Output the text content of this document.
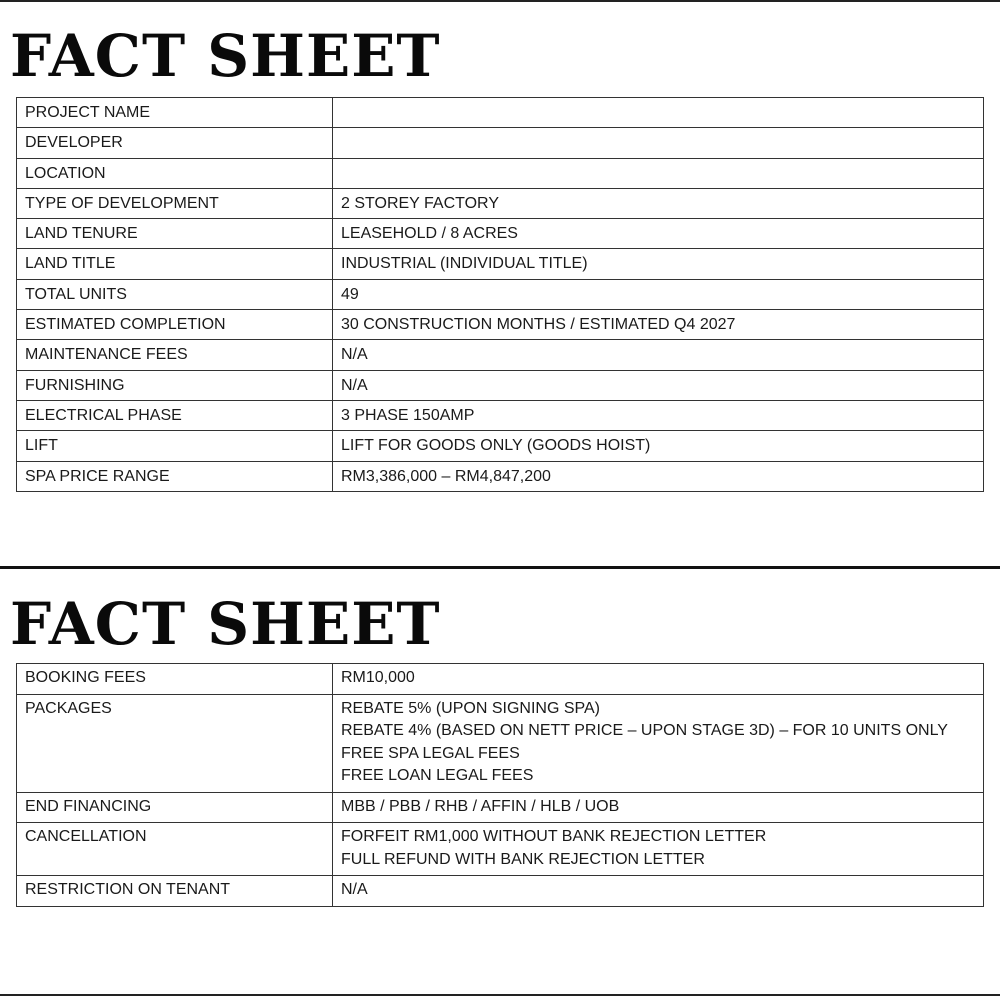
FACT SHEET
PROJECT NAME	
DEVELOPER	
LOCATION	
TYPE OF DEVELOPMENT	2 STOREY FACTORY
LAND TENURE	LEASEHOLD / 8 ACRES
LAND TITLE	INDUSTRIAL (INDIVIDUAL TITLE)
TOTAL UNITS	49
ESTIMATED COMPLETION	30 CONSTRUCTION MONTHS / ESTIMATED Q4 2027
MAINTENANCE FEES	N/A
FURNISHING	N/A
ELECTRICAL PHASE	3 PHASE 150AMP
LIFT	LIFT FOR GOODS ONLY (GOODS HOIST)
SPA PRICE RANGE	RM3,386,000 – RM4,847,200
FACT SHEET
BOOKING FEES	RM10,000

PACKAGES	REBATE 5% (UPON SIGNING SPA)
REBATE 4% (BASED ON NETT PRICE – UPON STAGE 3D) – FOR 10 UNITS ONLY
FREE SPA LEGAL FEES
FREE LOAN LEGAL FEES

END FINANCING	MBB / PBB / RHB / AFFIN / HLB / UOB

CANCELLATION	FORFEIT RM1,000 WITHOUT BANK REJECTION LETTER
FULL REFUND WITH BANK REJECTION LETTER

RESTRICTION ON TENANT	N/A
